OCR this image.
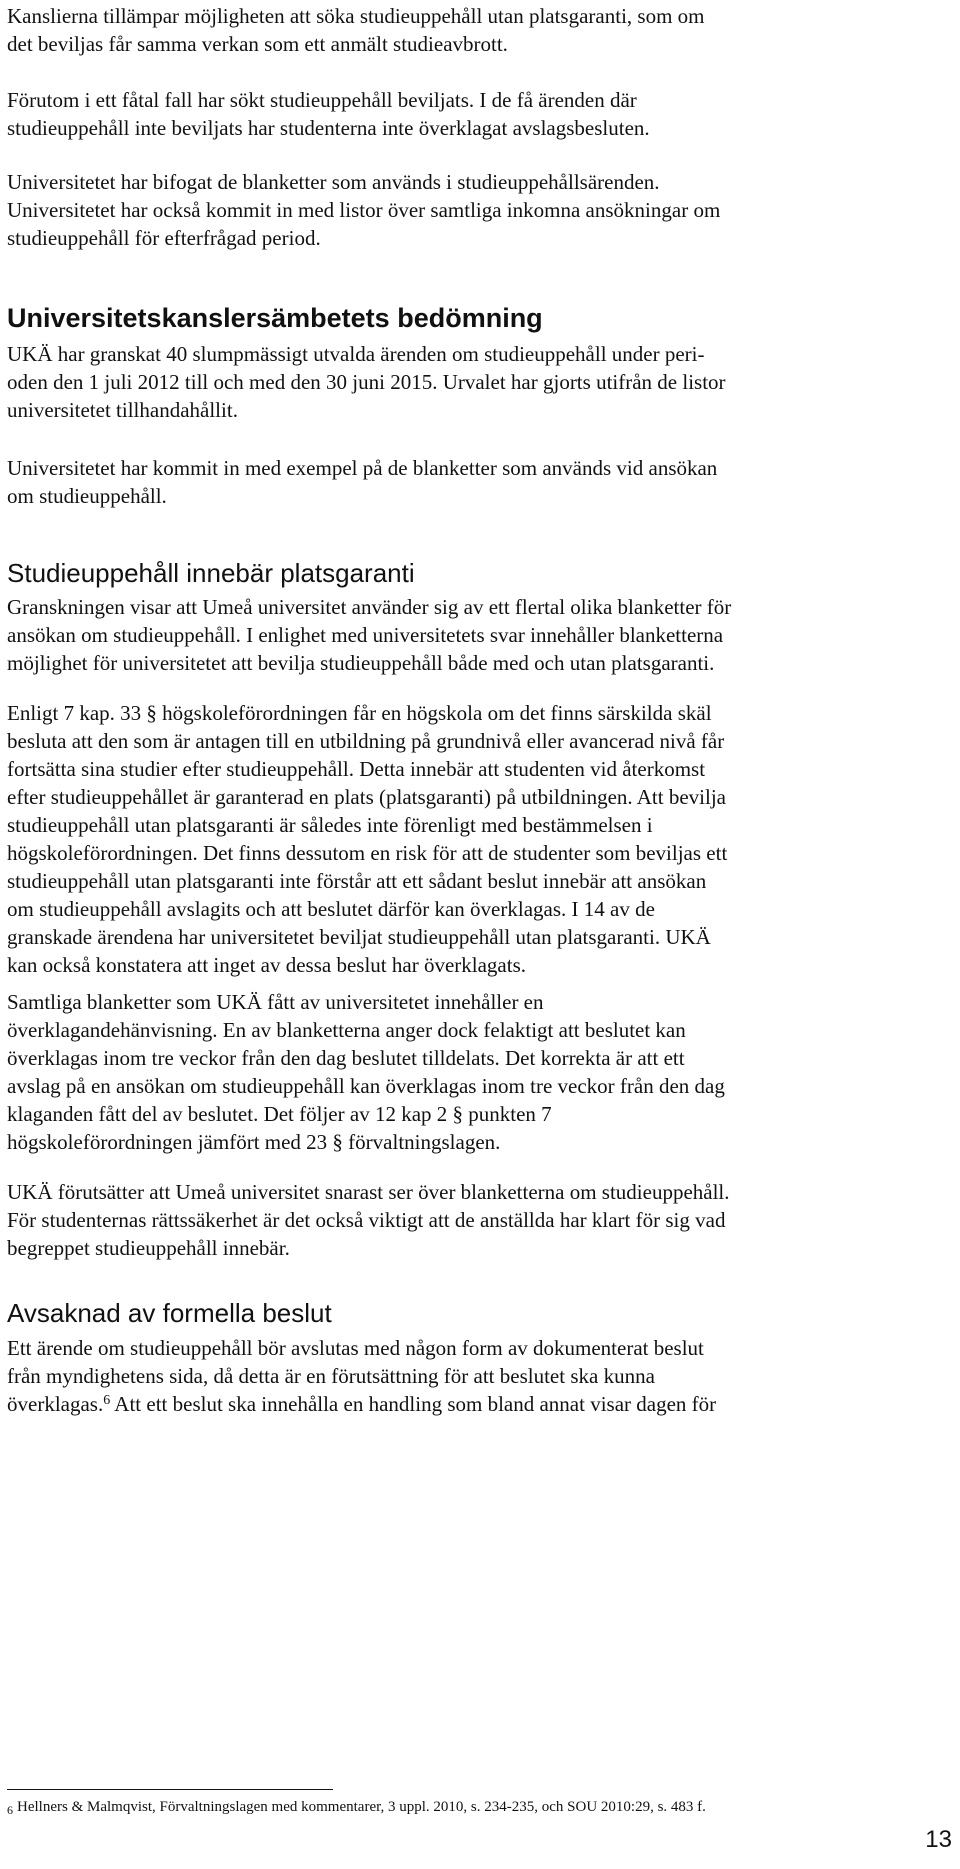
Kanslierna tillämpar möjligheten att söka studieuppehåll utan platsgaranti, som om
det beviljas får samma verkan som ett anmält studieavbrott.

Förutom i ett fåtal fall har sökt studieuppehåll beviljats. I de få ärenden där
studieuppehåll inte beviljats har studenterna inte överklagat avslagsbesluten.

Universitetet har bifogat de blanketter som används i studieuppehållsärenden.
Universitetet har också kommit in med listor över samtliga inkomna ansökningar om
studieuppehåll för efterfrågad period.

Universitetskanslersämbetets bedömning

UKÄ har granskat 40 slumpmässigt utvalda ärenden om studieuppehåll under peri-
oden den 1 juli 2012 till och med den 30 juni 2015. Urvalet har gjorts utifrån de listor
universitetet tillhandahållit.

Universitetet har kommit in med exempel på de blanketter som används vid ansökan
om studieuppehåll.

Studieuppehåll innebär platsgaranti

Granskningen visar att Umeå universitet använder sig av ett flertal olika blanketter för
ansökan om studieuppehåll. I enlighet med universitetets svar innehåller blanketterna
möjlighet för universitetet att bevilja studieuppehåll både med och utan platsgaranti.

Enligt 7 kap. 33 § högskoleförordningen får en högskola om det finns särskilda skäl
besluta att den som är antagen till en utbildning på grundnivå eller avancerad nivå får
fortsätta sina studier efter studieuppehåll. Detta innebär att studenten vid återkomst
efter studieuppehållet är garanterad en plats (platsgaranti) på utbildningen. Att bevilja
studieuppehåll utan platsgaranti är således inte förenligt med bestämmelsen i
högskoleförordningen. Det finns dessutom en risk för att de studenter som beviljas ett
studieuppehåll utan platsgaranti inte förstår att ett sådant beslut innebär att ansökan
om studieuppehåll avslagits och att beslutet därför kan överklagas. I 14 av de
granskade ärendena har universitetet beviljat studieuppehåll utan platsgaranti. UKÄ
kan också konstatera att inget av dessa beslut har överklagats.

Samtliga blanketter som UKÄ fått av universitetet innehåller en
överklagandehänvisning. En av blanketterna anger dock felaktigt att beslutet kan
överklagas inom tre veckor från den dag beslutet tilldelats. Det korrekta är att ett
avslag på en ansökan om studieuppehåll kan överklagas inom tre veckor från den dag
klaganden fått del av beslutet. Det följer av 12 kap 2 § punkten 7
högskoleförordningen jämfört med 23 § förvaltningslagen.

UKÄ förutsätter att Umeå universitet snarast ser över blanketterna om studieuppehåll.
För studenternas rättssäkerhet är det också viktigt att de anställda har klart för sig vad
begreppet studieuppehåll innebär.

Avsaknad av formella beslut

Ett ärende om studieuppehåll bör avslutas med någon form av dokumenterat beslut
från myndighetens sida, då detta är en förutsättning för att beslutet ska kunna
överklagas.$^6$ Att ett beslut ska innehålla en handling som bland annat visar dagen för

$^6$ Hellners & Malmqvist, Förvaltningslagen med kommentarer, 3 uppl. 2010, s. 234-235, och SOU 2010:29, s. 483 f.
13
